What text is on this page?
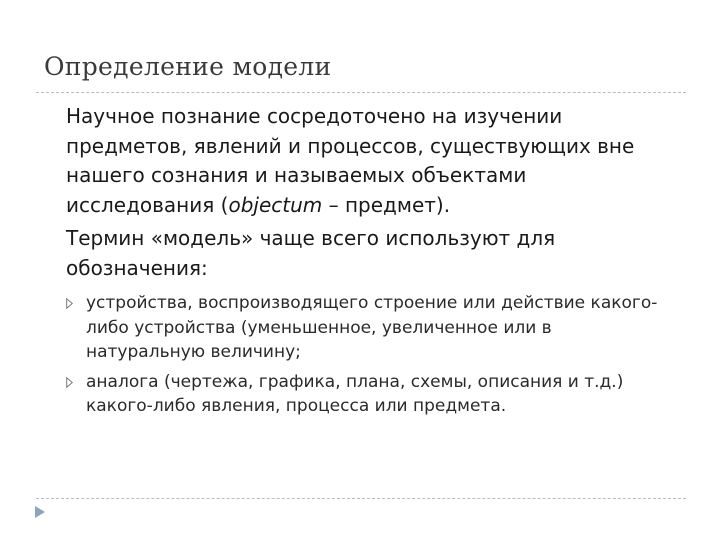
Определение модели

Научное познание сосредоточено на изучении предметов, явлений и процессов, существующих вне нашего сознания и называемых объектами исследования (objectum – предмет).

Термин «модель» чаще всего используют для обозначения:

устройства, воспроизводящего строение или действие какого-либо устройства (уменьшенное, увеличенное или в натуральную величину;
аналога (чертежа, графика, плана, схемы, описания и т.д.) какого-либо явления, процесса или предмета.
